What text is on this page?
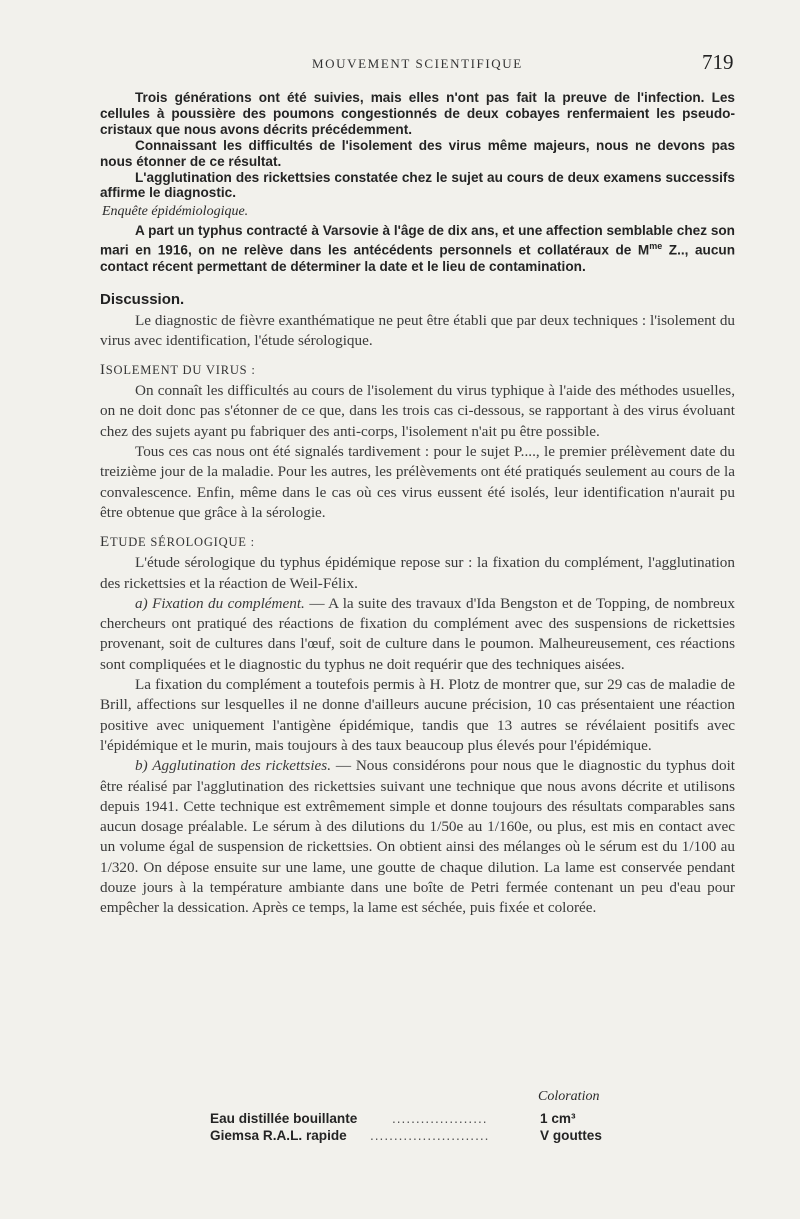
MOUVEMENT SCIENTIFIQUE	719

Trois générations ont été suivies, mais elles n'ont pas fait la preuve de l'infection. Les cellules à poussière des poumons congestionnés de deux cobayes renfermaient les pseudo-cristaux que nous avons décrits précédemment.

Connaissant les difficultés de l'isolement des virus même majeurs, nous ne devons pas nous étonner de ce résultat.

L'agglutination des rickettsies constatée chez le sujet au cours de deux examens successifs affirme le diagnostic.

Enquête épidémiologique.

A part un typhus contracté à Varsovie à l'âge de dix ans, et une affection semblable chez son mari en 1916, on ne relève dans les antécédents personnels et collatéraux de $M^{me}$ Z.., aucun contact récent permettant de déterminer la date et le lieu de contamination.

Discussion.

Le diagnostic de fièvre exanthématique ne peut être établi que par deux techniques : l'isolement du virus avec identification, l'étude sérologique.

ISOLEMENT DU VIRUS :

On connaît les difficultés au cours de l'isolement du virus typhique à l'aide des méthodes usuelles, on ne doit donc pas s'étonner de ce que, dans les trois cas ci-dessous, se rapportant à des virus évoluant chez des sujets ayant pu fabriquer des anti-corps, l'isolement n'ait pu être possible.

Tous ces cas nous ont été signalés tardivement : pour le sujet P...., le premier prélèvement date du treizième jour de la maladie. Pour les autres, les prélèvements ont été pratiqués seulement au cours de la convalescence. Enfin, même dans le cas où ces virus eussent été isolés, leur identification n'aurait pu être obtenue que grâce à la sérologie.

ETUDE SÉROLOGIQUE :

L'étude sérologique du typhus épidémique repose sur : la fixation du complément, l'agglutination des rickettsies et la réaction de Weil-Félix.

a) Fixation du complément. — A la suite des travaux d'Ida Bengston et de Topping, de nombreux chercheurs ont pratiqué des réactions de fixation du complément avec des suspensions de rickettsies provenant, soit de cultures dans l'œuf, soit de culture dans le poumon. Malheureusement, ces réactions sont compliquées et le diagnostic du typhus ne doit requérir que des techniques aisées.

La fixation du complément a toutefois permis à H. Plotz de montrer que, sur 29 cas de maladie de Brill, affections sur lesquelles il ne donne d'ailleurs aucune précision, 10 cas présentaient une réaction positive avec uniquement l'antigène épidémique, tandis que 13 autres se révélaient positifs avec l'épidémique et le murin, mais toujours à des taux beaucoup plus élevés pour l'épidémique.

b) Agglutination des rickettsies. — Nous considérons pour nous que le diagnostic du typhus doit être réalisé par l'agglutination des rickettsies suivant une technique que nous avons décrite et utilisons depuis 1941. Cette technique est extrêmement simple et donne toujours des résultats comparables sans aucun dosage préalable. Le sérum à des dilutions du 1/50e au 1/160e, ou plus, est mis en contact avec un volume égal de suspension de rickettsies. On obtient ainsi des mélanges où le sérum est du 1/100 au 1/320. On dépose ensuite sur une lame, une goutte de chaque dilution. La lame est conservée pendant douze jours à la température ambiante dans une boîte de Petri fermée contenant un peu d'eau pour empêcher la dessication. Après ce temps, la lame est séchée, puis fixée et colorée.

Coloration
Eau distillée bouillante	....................	1 cm³
Giemsa R.A.L. rapide .........................	V gouttes
